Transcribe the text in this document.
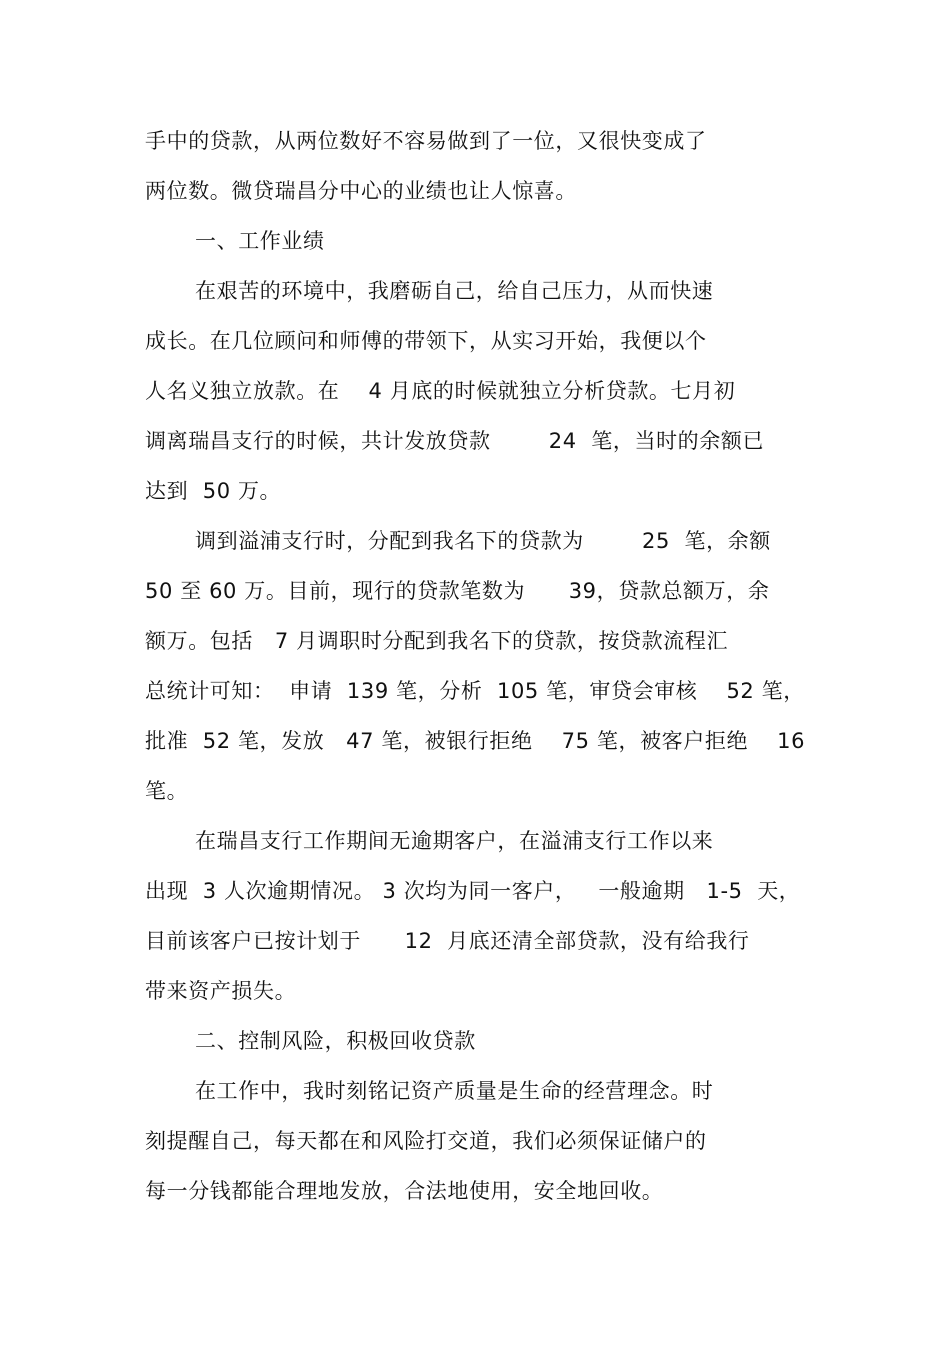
手中的贷款，从两位数好不容易做到了一位，又很快变成了
两位数。微贷瑞昌分中心的业绩也让人惊喜。
一、工作业绩
在艰苦的环境中，我磨砺自己，给自己压力，从而快速
成长。在几位顾问和师傅的带领下，从实习开始，我便以个
人名义独立放款。在    4 月底的时候就独立分析贷款。七月初
调离瑞昌支行的时候，共计发放贷款        24  笔，当时的余额已
达到  50 万。
调到溢浦支行时，分配到我名下的贷款为        25  笔，余额
50 至 60 万。目前，现行的贷款笔数为      39，贷款总额万，余
额万。包括   7 月调职时分配到我名下的贷款，按贷款流程汇
总统计可知：  申请  139 笔，分析  105 笔，审贷会审核    52 笔，
批准  52 笔，发放   47 笔，被银行拒绝    75 笔，被客户拒绝    16
笔。
在瑞昌支行工作期间无逾期客户，在溢浦支行工作以来
出现  3 人次逾期情况。 3 次均为同一客户，   一般逾期   1-5  天，
目前该客户已按计划于      12  月底还清全部贷款，没有给我行
带来资产损失。
二、控制风险，积极回收贷款
在工作中，我时刻铭记资产质量是生命的经营理念。时
刻提醒自己，每天都在和风险打交道，我们必须保证储户的
每一分钱都能合理地发放，合法地使用，安全地回收。
